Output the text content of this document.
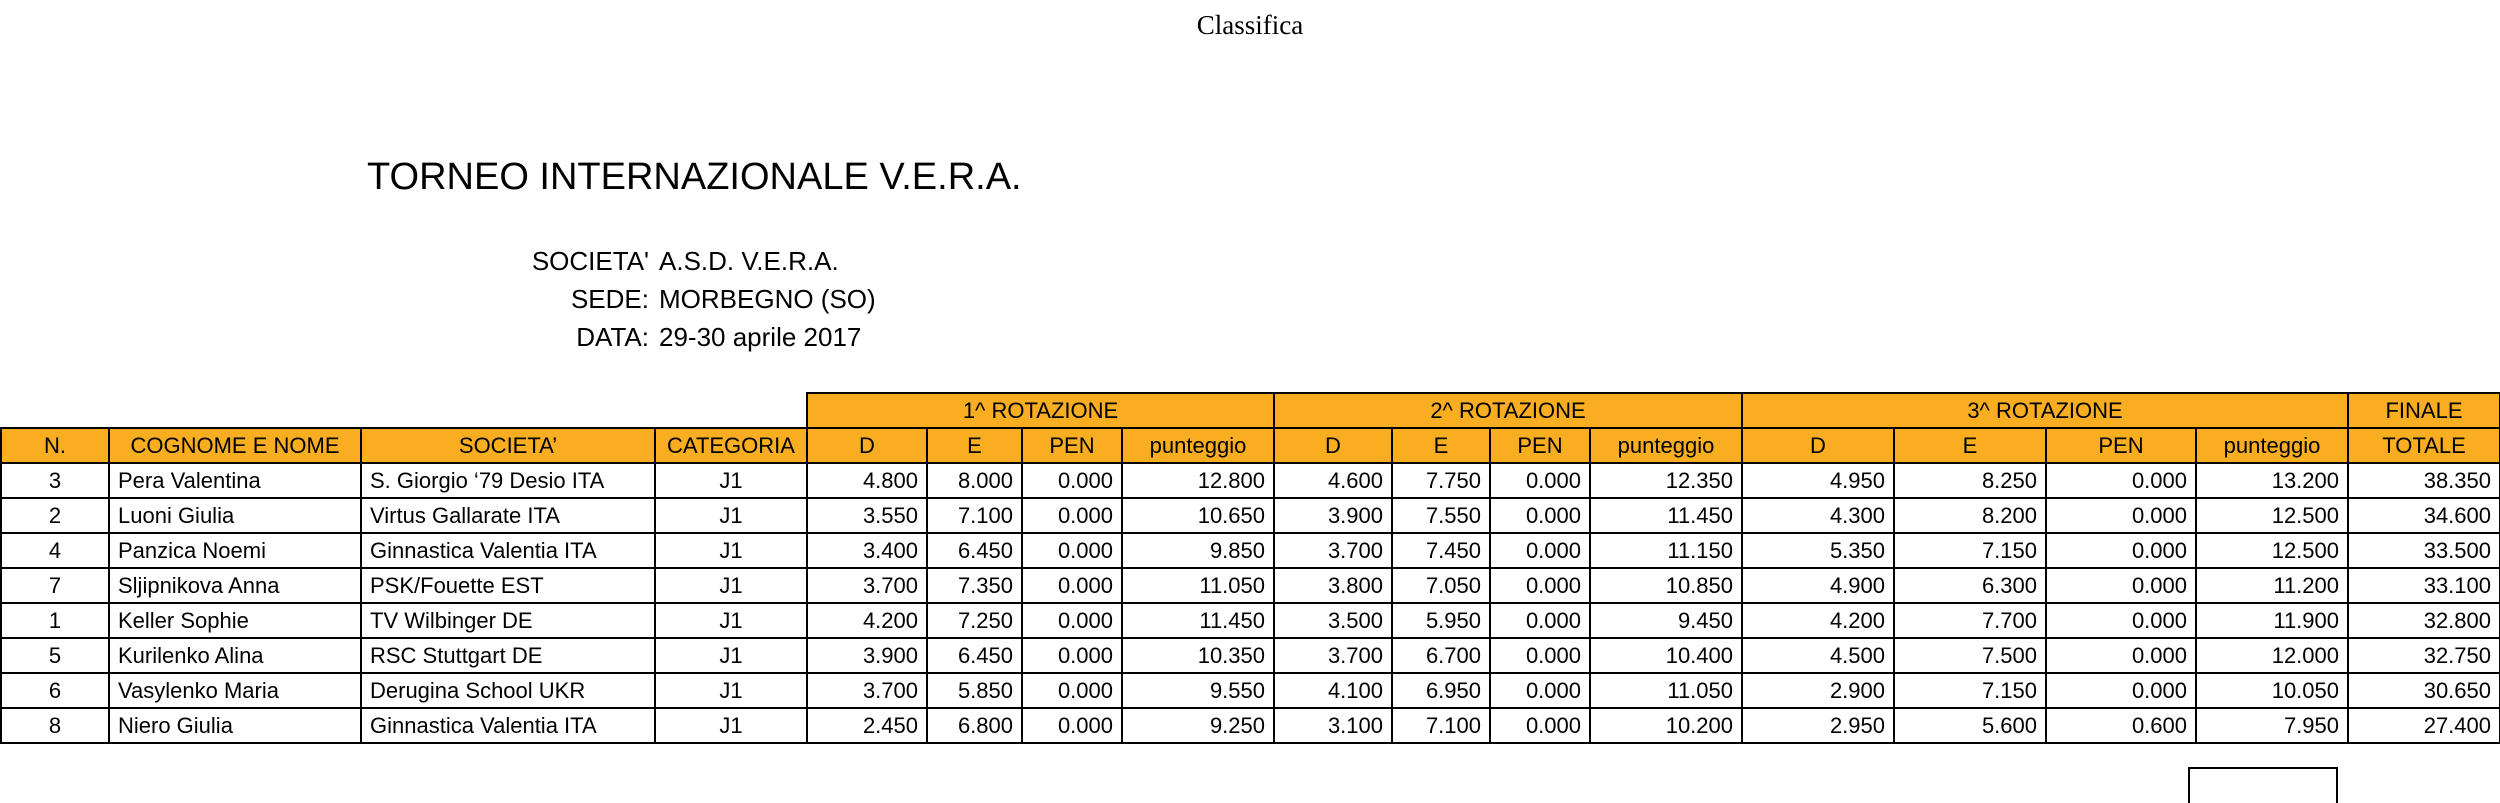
Classifica
TORNEO INTERNAZIONALE V.E.R.A.
SOCIETA' A.S.D. V.E.R.A.
SEDE: MORBEGNO (SO)
DATA: 29-30 aprile 2017
				1^ ROTAZIONE				2^ ROTAZIONE				3^ ROTAZIONE				FINALE
N.	COGNOME E NOME	SOCIETA’	CATEGORIA	D	E	PEN	punteggio	D	E	PEN	punteggio	D	E	PEN	punteggio	TOTALE
3	Pera Valentina	S. Giorgio ‘79 Desio ITA	J1	4.800	8.000	0.000	12.800	4.600	7.750	0.000	12.350	4.950	8.250	0.000	13.200	38.350
2	Luoni Giulia	Virtus Gallarate ITA	J1	3.550	7.100	0.000	10.650	3.900	7.550	0.000	11.450	4.300	8.200	0.000	12.500	34.600
4	Panzica Noemi	Ginnastica Valentia ITA	J1	3.400	6.450	0.000	9.850	3.700	7.450	0.000	11.150	5.350	7.150	0.000	12.500	33.500
7	Sljipnikova Anna	PSK/Fouette EST	J1	3.700	7.350	0.000	11.050	3.800	7.050	0.000	10.850	4.900	6.300	0.000	11.200	33.100
1	Keller Sophie	TV Wilbinger DE	J1	4.200	7.250	0.000	11.450	3.500	5.950	0.000	9.450	4.200	7.700	0.000	11.900	32.800
5	Kurilenko Alina	RSC Stuttgart DE	J1	3.900	6.450	0.000	10.350	3.700	6.700	0.000	10.400	4.500	7.500	0.000	12.000	32.750
6	Vasylenko Maria	Derugina School UKR	J1	3.700	5.850	0.000	9.550	4.100	6.950	0.000	11.050	2.900	7.150	0.000	10.050	30.650
8	Niero Giulia	Ginnastica Valentia ITA	J1	2.450	6.800	0.000	9.250	3.100	7.100	0.000	10.200	2.950	5.600	0.600	7.950	27.400
